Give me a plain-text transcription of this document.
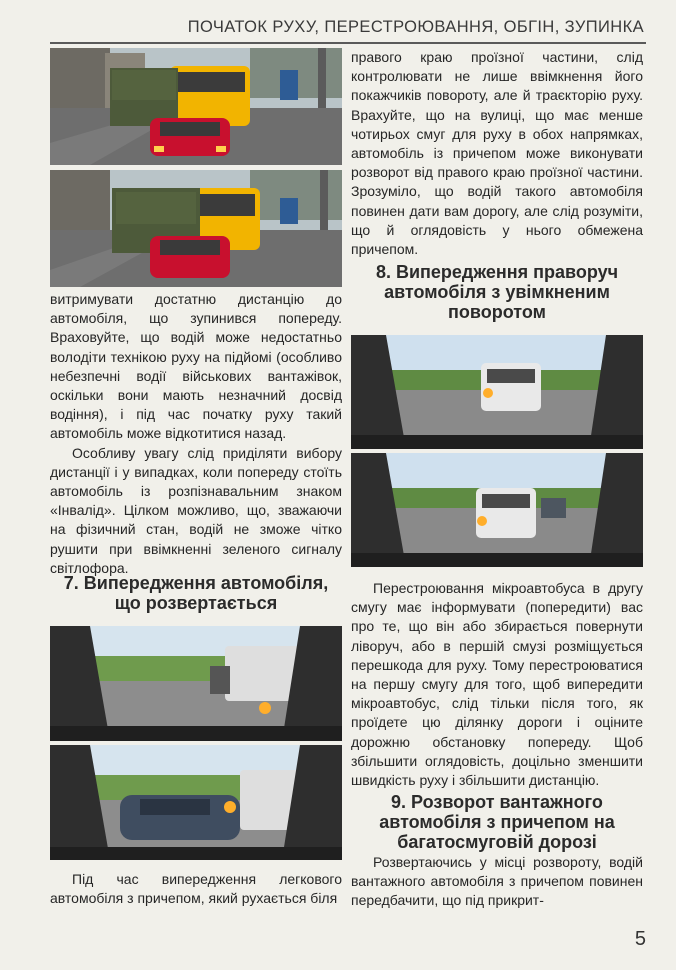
ПОЧАТОК РУХУ, ПЕРЕСТРОЮВАННЯ, ОБГІН, ЗУПИНКА

витримувати достатню дистанцію до автомобіля, що зупинився попереду. Враховуйте, що водій може недостатньо володіти технікою руху на підйомі (особливо небезпечні водії військових вантажівок, оскільки вони мають незначний досвід водіння), і під час початку руху такий автомобіль може відкотитися назад.

Особливу увагу слід приділяти вибору дистанції і у випадках, коли попереду стоїть автомобіль із розпізнавальним знаком «Інвалід». Цілком можливо, що, зважаючи на фізичний стан, водій не зможе чітко рушити при ввімкненні зеленого сигналу світлофора.

7. Випередження автомобіля, що розвертається

Під час випередження легкового автомобіля з причепом, який рухається біля

правого краю проїзної частини, слід контролювати не лише ввімкнення його покажчиків повороту, але й траєкторію руху. Врахуйте, що на вулиці, що має менше чотирьох смуг для руху в обох напрямках, автомобіль із причепом може виконувати розворот від правого краю проїзної частини. Зрозуміло, що водій такого автомобіля повинен дати вам дорогу, але слід розуміти, що й оглядовість у нього обмежена причепом.

8. Випередження праворуч автомобіля з увімкненим поворотом

Перестроювання мікроавтобуса в другу смугу має інформувати (попередити) вас про те, що він або збирається повернути ліворуч, або в першій смузі розміщується перешкода для руху. Тому перестроюватися на першу смугу для того, щоб випередити мікроавтобус, слід тільки після того, як проїдете цю ділянку дороги і оціните дорожню обстановку попереду. Щоб збільшити оглядовість, доцільно зменшити швидкість руху і збільшити дистанцію.

9. Розворот вантажного автомобіля з причепом на багатосмуговій дорозі

Розвертаючись у місці розвороту, водій вантажного автомобіля з причепом повинен передбачити, що під прикрит-

5
